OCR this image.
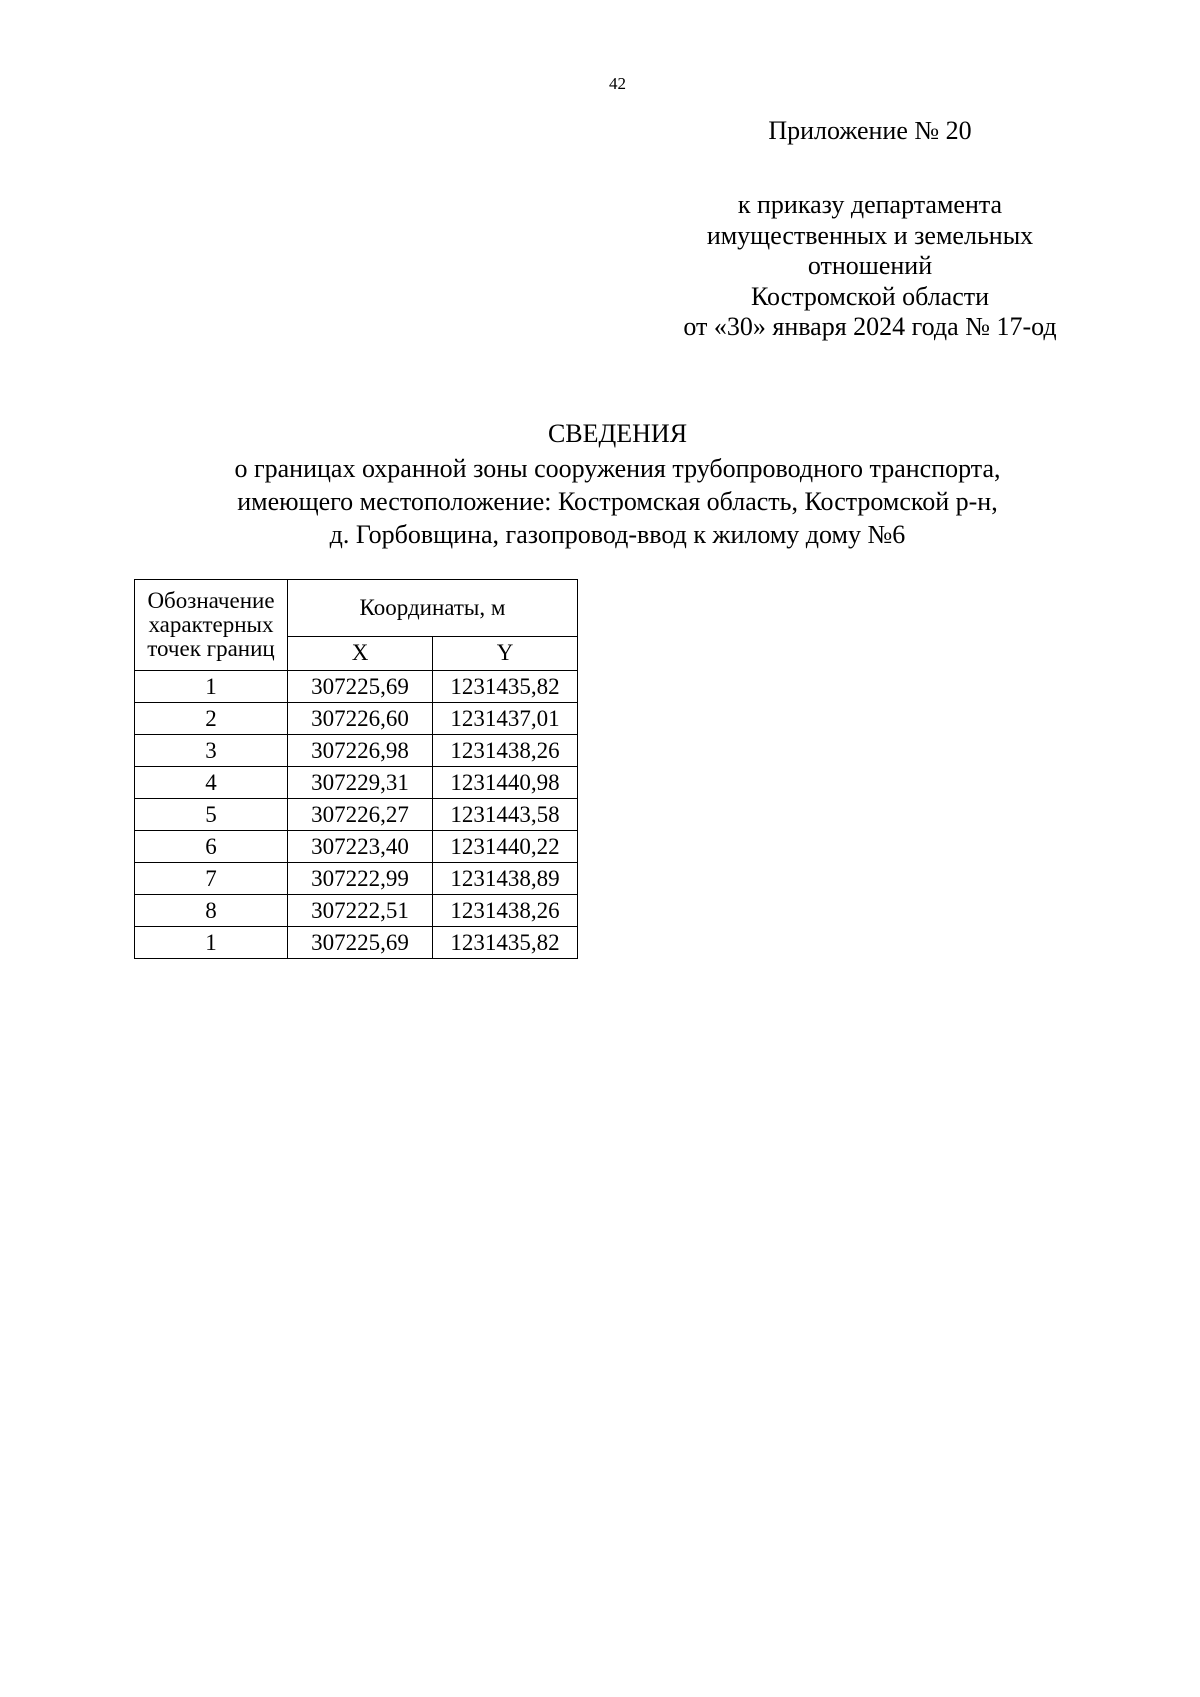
42
Приложение № 20
к приказу департамента
имущественных и земельных
отношений
Костромской области
от «30» января 2024 года № 17-од
СВЕДЕНИЯ
о границах охранной зоны сооружения трубопроводного транспорта,
имеющего местоположение: Костромская область, Костромской р-н,
д. Горбовщина, газопровод-ввод к жилому дому №6
Обозначение
характерных
точек границ	Координаты, м	
	X	Y
1	307225,69	1231435,82
2	307226,60	1231437,01
3	307226,98	1231438,26
4	307229,31	1231440,98
5	307226,27	1231443,58
6	307223,40	1231440,22
7	307222,99	1231438,89
8	307222,51	1231438,26
1	307225,69	1231435,82
